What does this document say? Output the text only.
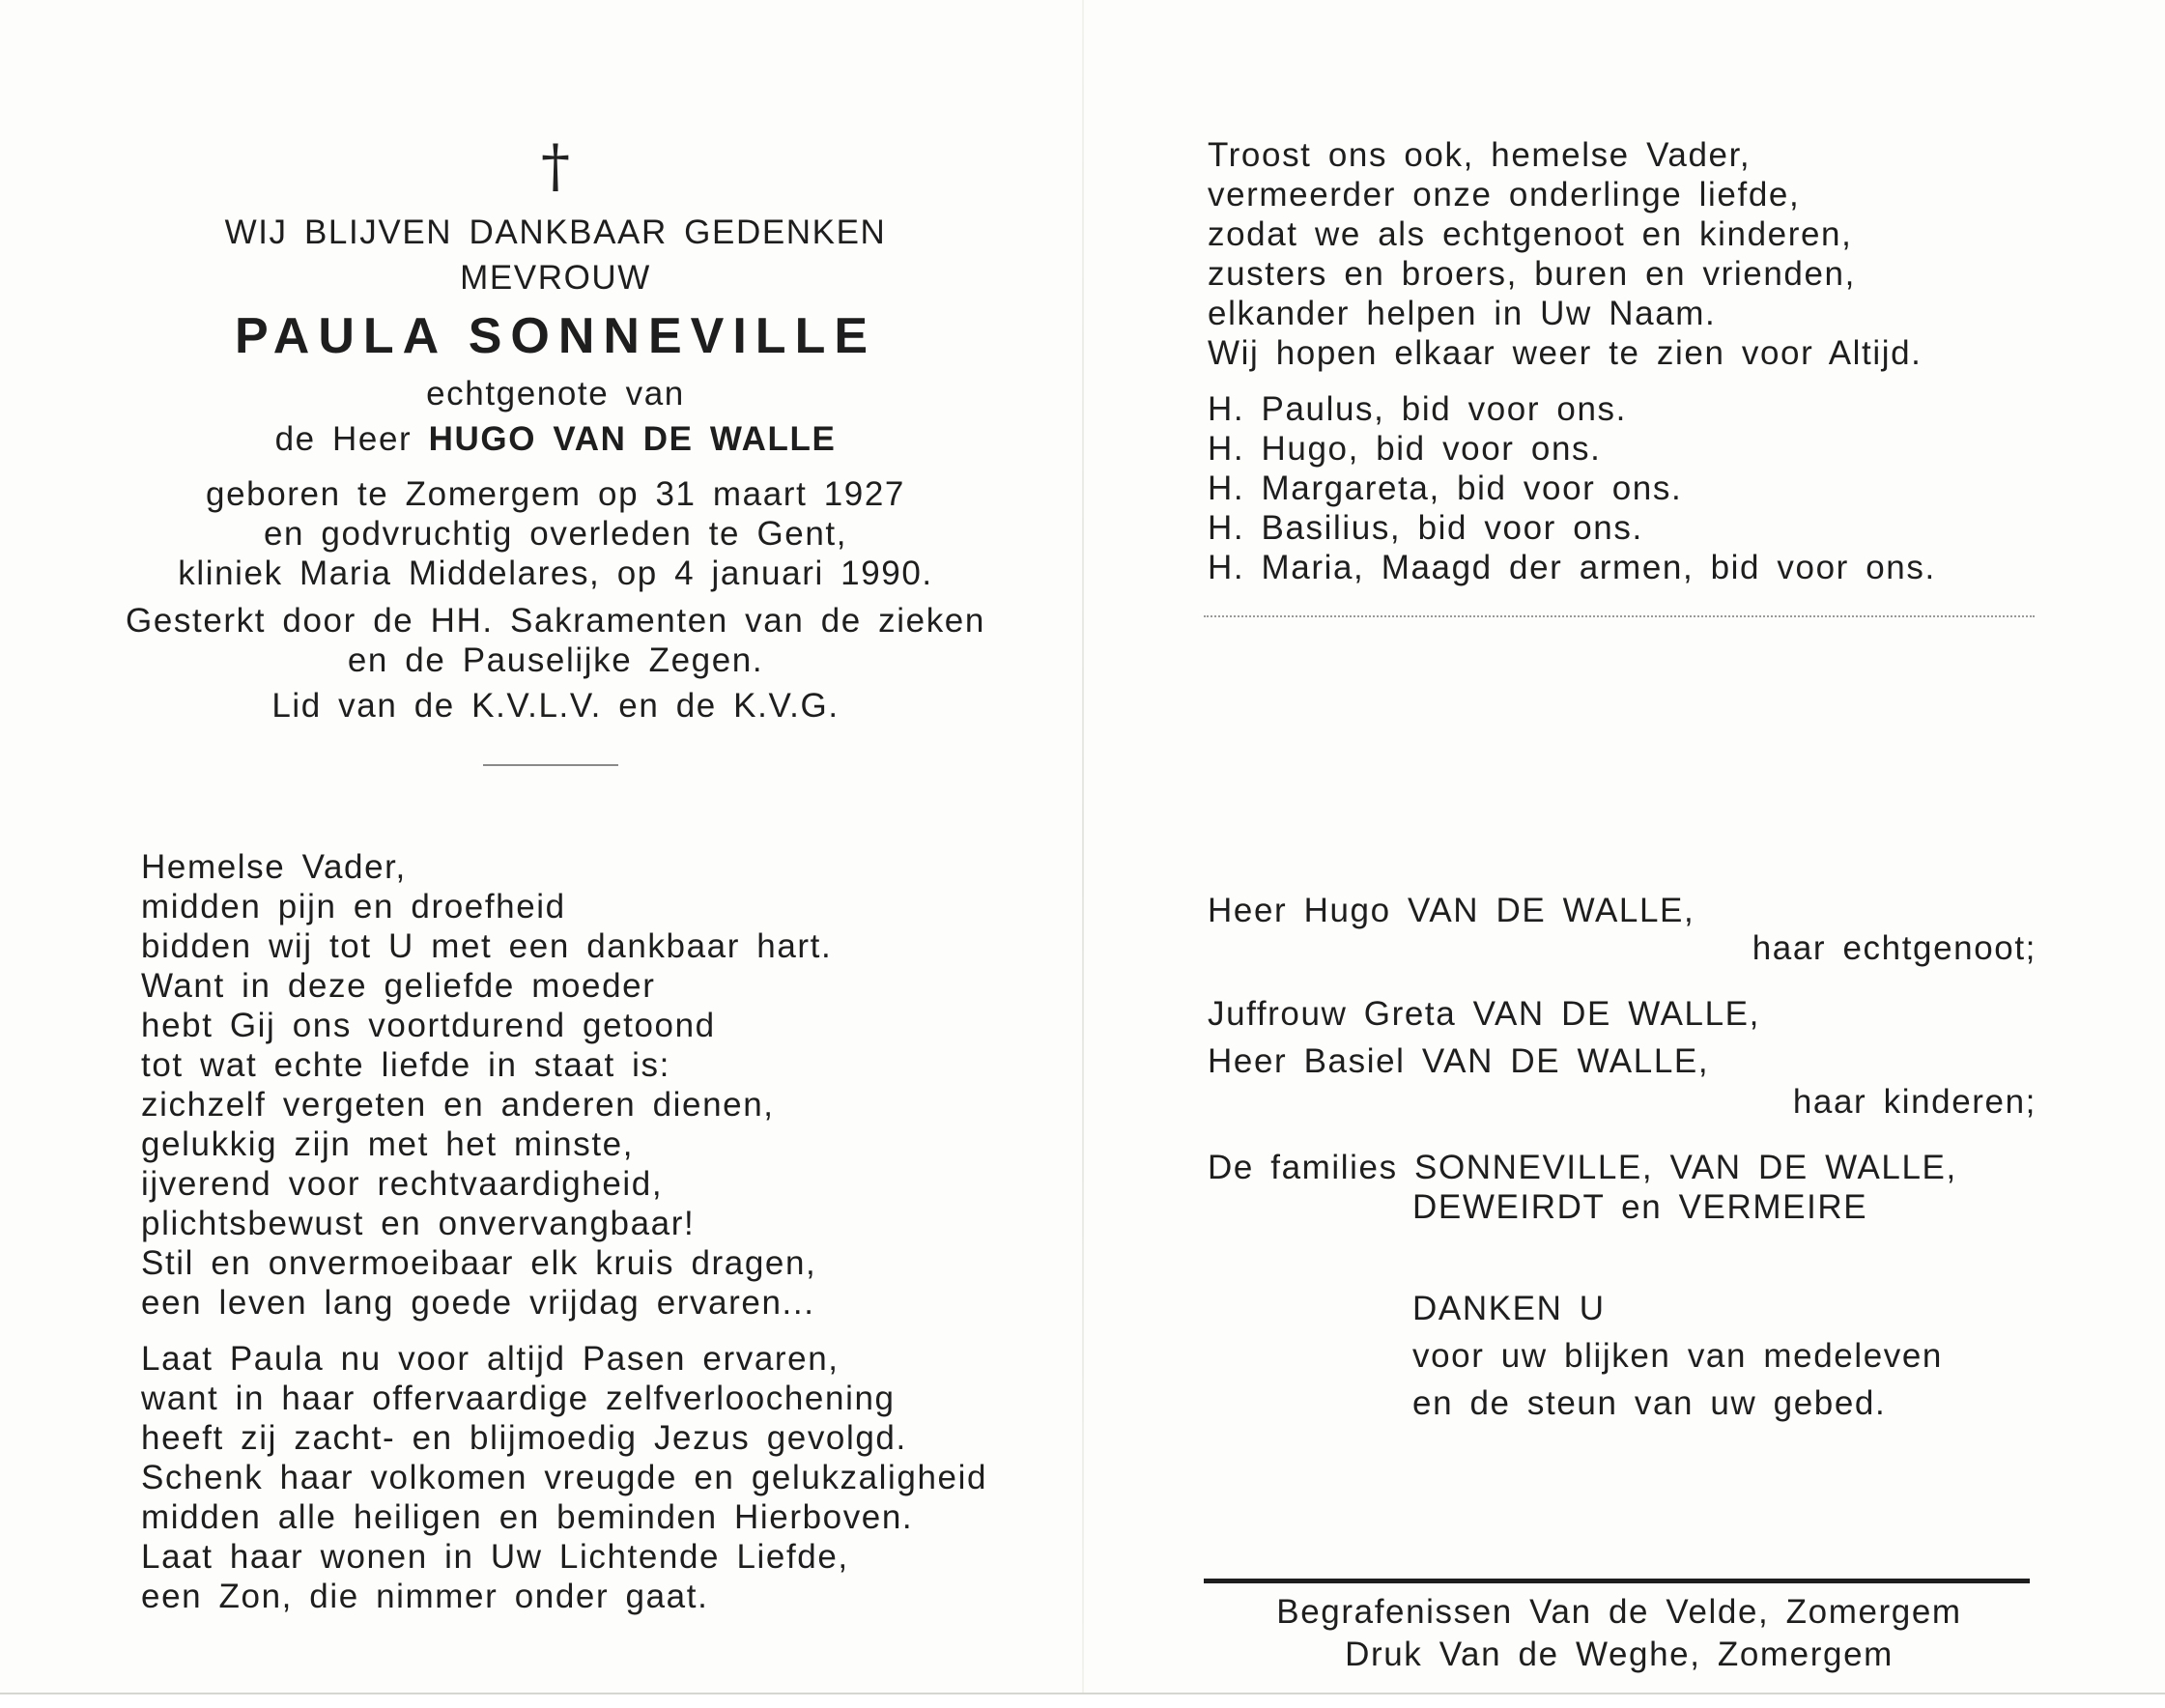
†

WIJ BLIJVEN DANKBAAR GEDENKEN

MEVROUW

PAULA SONNEVILLE

echtgenote van

de Heer HUGO VAN DE WALLE

geboren te Zomergem op 31 maart 1927

en godvruchtig overleden te Gent,

kliniek Maria Middelares, op 4 januari 1990.

Gesterkt door de HH. Sakramenten van de zieken

en de Pauselijke Zegen.

Lid van de K.V.L.V. en de K.V.G.

Hemelse Vader,

midden pijn en droefheid

bidden wij tot U met een dankbaar hart.

Want in deze geliefde moeder

hebt Gij ons voortdurend getoond

tot wat echte liefde in staat is:

zichzelf vergeten en anderen dienen,

gelukkig zijn met het minste,

ijverend voor rechtvaardigheid,

plichtsbewust en onvervangbaar!

Stil en onvermoeibaar elk kruis dragen,

een leven lang goede vrijdag ervaren...

Laat Paula nu voor altijd Pasen ervaren,

want in haar offervaardige zelfverloochening

heeft zij zacht- en blijmoedig Jezus gevolgd.

Schenk haar volkomen vreugde en gelukzaligheid

midden alle heiligen en beminden Hierboven.

Laat haar wonen in Uw Lichtende Liefde,

een Zon, die nimmer onder gaat.

Troost ons ook, hemelse Vader,

vermeerder onze onderlinge liefde,

zodat we als echtgenoot en kinderen,

zusters en broers, buren en vrienden,

elkander helpen in Uw Naam.

Wij hopen elkaar weer te zien voor Altijd.

H. Paulus, bid voor ons.

H. Hugo, bid voor ons.

H. Margareta, bid voor ons.

H. Basilius, bid voor ons.

H. Maria, Maagd der armen, bid voor ons.

Heer Hugo VAN DE WALLE,

haar echtgenoot;

Juffrouw Greta VAN DE WALLE,

Heer Basiel VAN DE WALLE,

haar kinderen;

De families SONNEVILLE, VAN DE WALLE,

DEWEIRDT en VERMEIRE

DANKEN U

voor uw blijken van medeleven

en de steun van uw gebed.

Begrafenissen Van de Velde, Zomergem

Druk Van de Weghe, Zomergem
